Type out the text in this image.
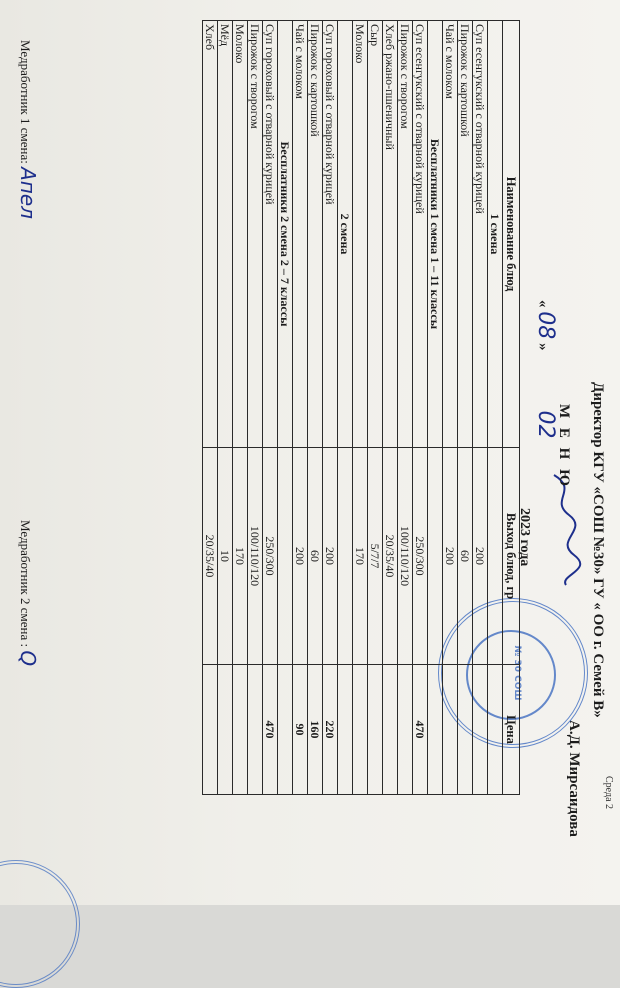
Среда 2
Директор КГУ «СОШ №30» ГУ « ОО г. Семей В»
А.Д. Мирсаидова
М Е Н Ю
« 08 »                02
2023 года
№ 30 СОШ
Наименование блюд	Выход блюд, гр	Цена
1 смена		
Суп есенгукский с отварной курицей	200	
Пирожок с картошкой	60	
Чай с молоком	200	
Бесплатники 1 смена 1 – 11 классы		
Суп есенгукский с отварной курицей	250/300	470
Пирожок с творогом	100/110/120	
Хлеб ржано-пшеничный	20/35/40	
Сыр	5/7/7	
Молоко	170	
2 смена		
Суп гороховый с отварной курицей	200	220
Пирожок с картошкой	60	160
Чай с молоком	200	90
Бесплатники 2 смена 2 – 7 классы		
Суп гороховый с отварной курицей	250/300	470
Пирожок с творогом	100/110/120	
Молоко	170	
Мёд	10	
Хлеб	20/35/40	
Медработник 1 смена: Апел
Медработник 2 смена : Q
